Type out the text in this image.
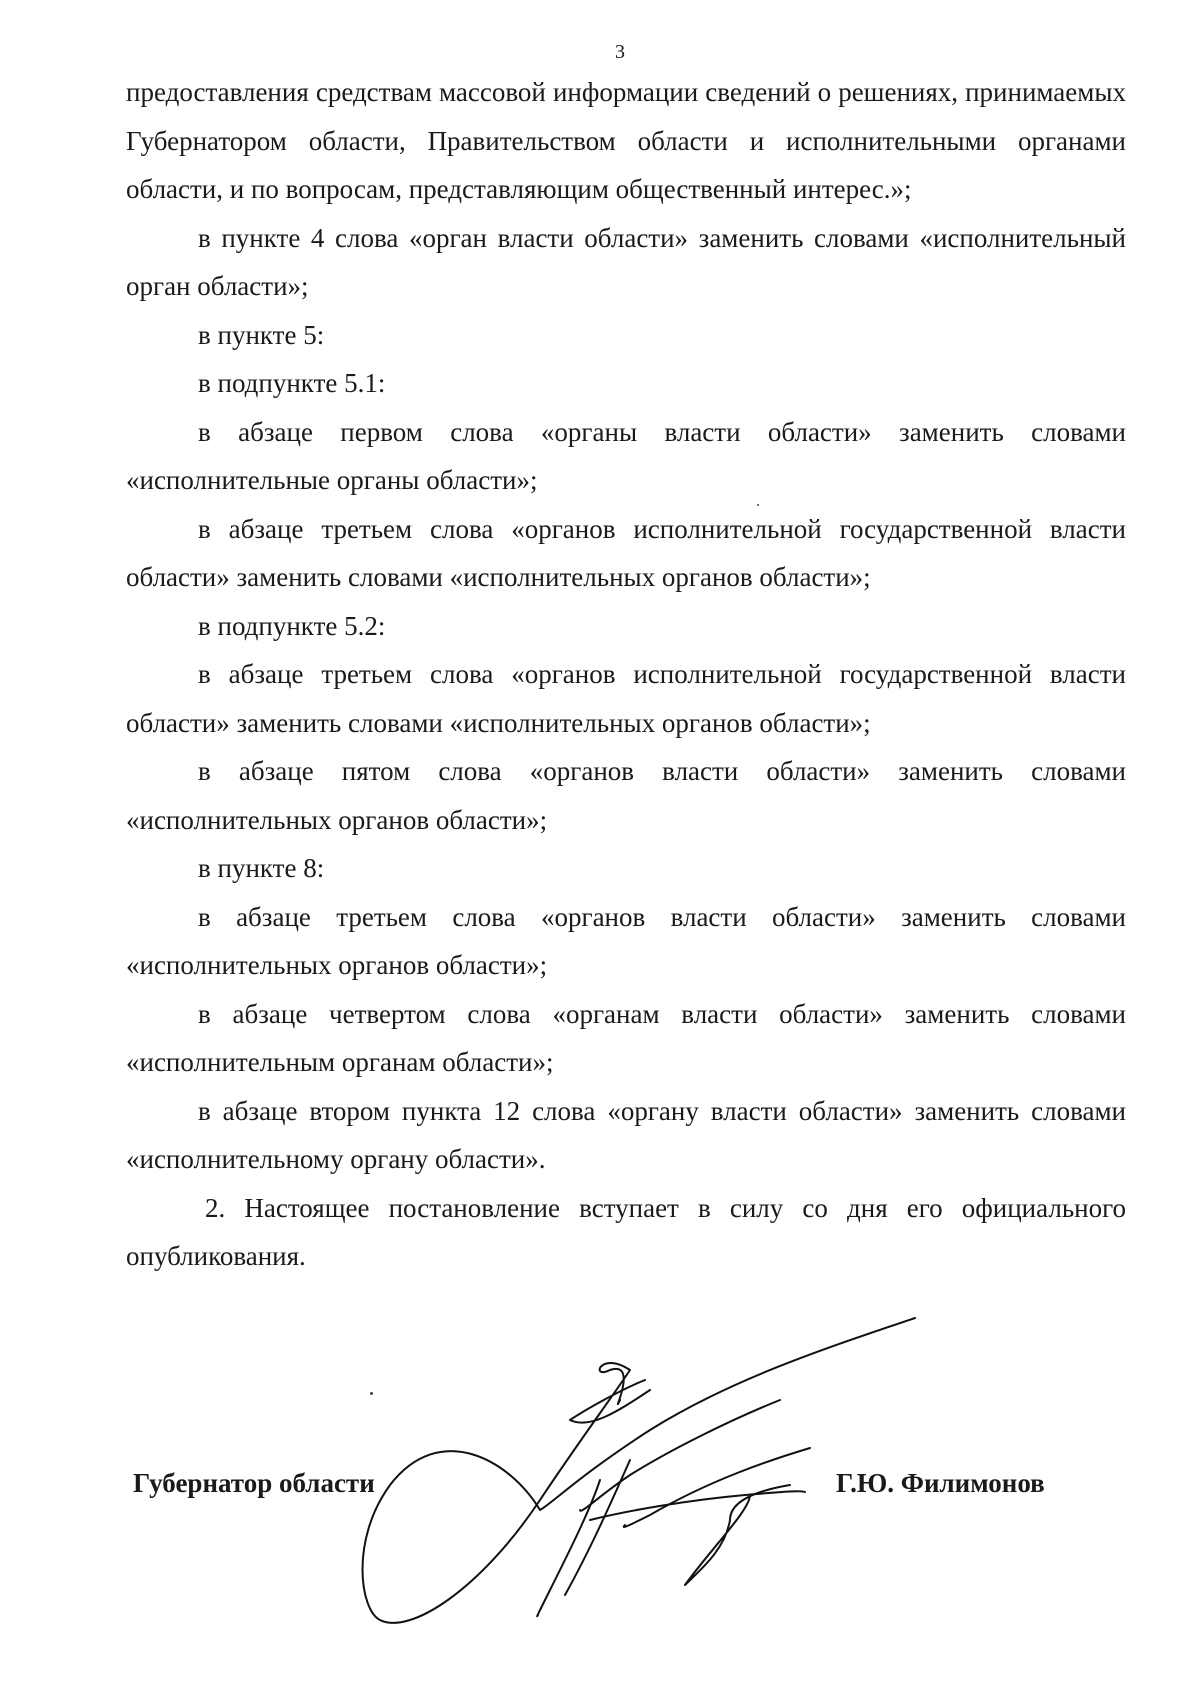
3

предоставления средствам массовой информации сведений о решениях, принимаемых Губернатором области, Правительством области и исполнительными органами области, и по вопросам, представляющим общественный интерес.»;

в пункте 4 слова «орган власти области» заменить словами «исполнительный орган области»;

в пункте 5:

в подпункте 5.1:

в абзаце первом слова «органы власти области» заменить словами «исполнительные органы области»;

в абзаце третьем слова «органов исполнительной государственной власти области» заменить словами «исполнительных органов области»;

в подпункте 5.2:

в абзаце третьем слова «органов исполнительной государственной власти области» заменить словами «исполнительных органов области»;

в абзаце пятом слова «органов власти области» заменить словами «исполнительных органов области»;

в пункте 8:

в абзаце третьем слова «органов власти области» заменить словами «исполнительных органов области»;

в абзаце четвертом слова «органам власти области» заменить словами «исполнительным органам области»;

в абзаце втором пункта 12 слова «органу власти области» заменить словами «исполнительному органу области».

2. Настоящее постановление вступает в силу со дня его официального опубликования.

Губернатор области	Г.Ю. Филимонов
